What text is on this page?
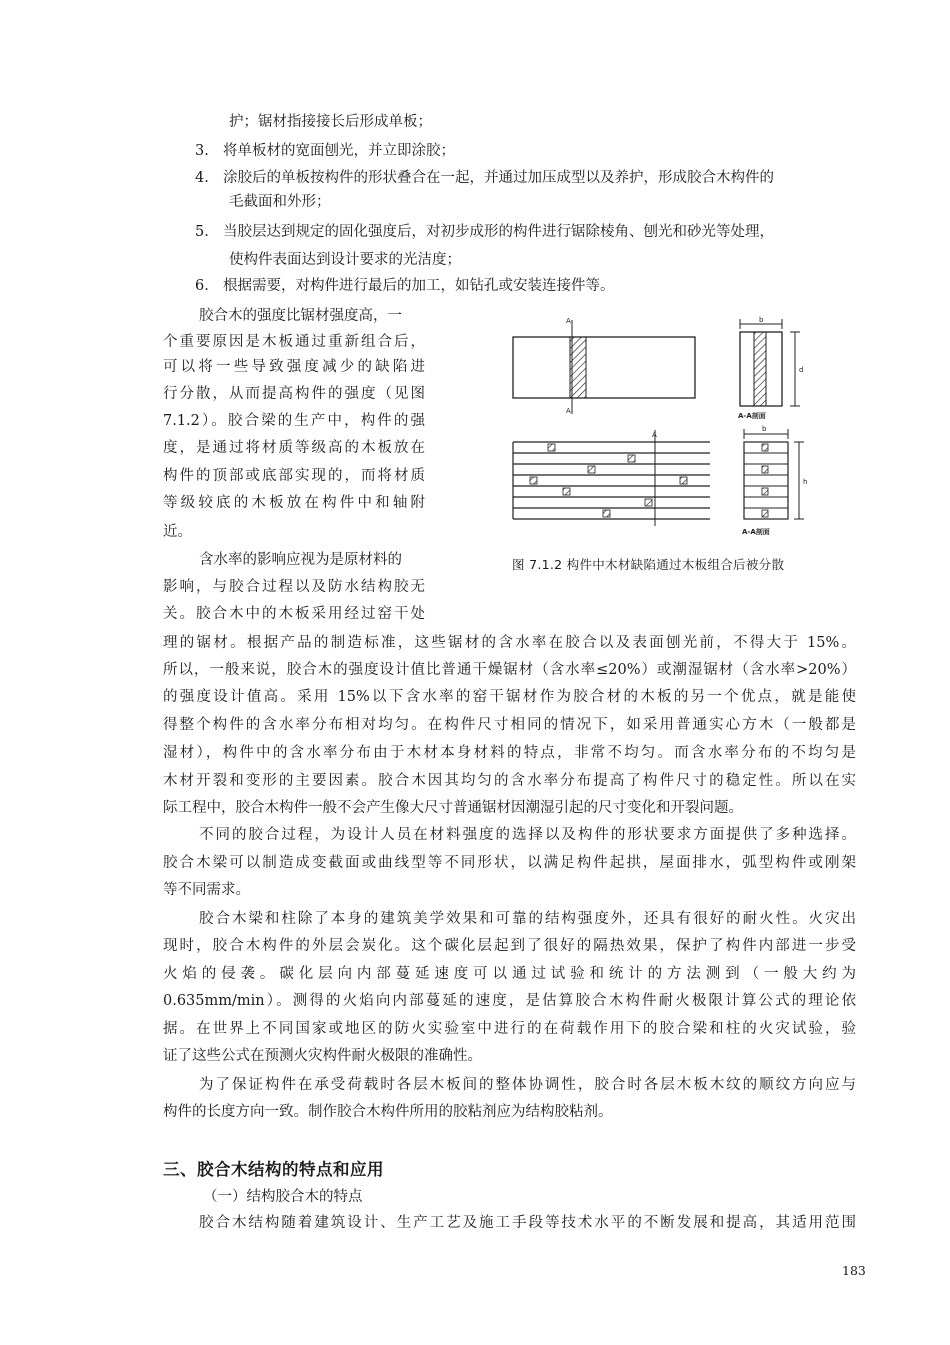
护；锯材指接接长后形成单板；
3. 将单板材的宽面刨光，并立即涂胶；
4. 涂胶后的单板按构件的形状叠合在一起，并通过加压成型以及养护，形成胶合木构件的
毛截面和外形；
5. 当胶层达到规定的固化强度后，对初步成形的构件进行锯除棱角、刨光和砂光等处理，
使构件表面达到设计要求的光洁度；
6. 根据需要，对构件进行最后的加工，如钻孔或安装连接件等。
胶合木的强度比锯材强度高，一
个重要原因是木板通过重新组合后，
可以将一些导致强度减少的缺陷进
行分散，从而提高构件的强度（见图
7.1.2）。胶合梁的生产中，构件的强
度，是通过将材质等级高的木板放在
构件的顶部或底部实现的，而将材质
等级较底的木板放在构件中和轴附
近。
A
A
b
d
A-A剖面
A
b
h
A-A剖面
图 7.1.2 构件中木材缺陷通过木板组合后被分散
含水率的影响应视为是原材料的
影响，与胶合过程以及防水结构胶无
关。胶合木中的木板采用经过窑干处
理的锯材。根据产品的制造标准，这些锯材的含水率在胶合以及表面刨光前，不得大于 15%。
所以，一般来说，胶合木的强度设计值比普通干燥锯材（含水率≤20%）或潮湿锯材（含水率>20%）
的强度设计值高。采用 15%以下含水率的窑干锯材作为胶合材的木板的另一个优点，就是能使
得整个构件的含水率分布相对均匀。在构件尺寸相同的情况下，如采用普通实心方木（一般都是
湿材），构件中的含水率分布由于木材本身材料的特点，非常不均匀。而含水率分布的不均匀是
木材开裂和变形的主要因素。胶合木因其均匀的含水率分布提高了构件尺寸的稳定性。所以在实
际工程中，胶合木构件一般不会产生像大尺寸普通锯材因潮湿引起的尺寸变化和开裂问题。
不同的胶合过程，为设计人员在材料强度的选择以及构件的形状要求方面提供了多种选择。
胶合木梁可以制造成变截面或曲线型等不同形状，以满足构件起拱，屋面排水，弧型构件或刚架
等不同需求。
胶合木梁和柱除了本身的建筑美学效果和可靠的结构强度外，还具有很好的耐火性。火灾出
现时，胶合木构件的外层会炭化。这个碳化层起到了很好的隔热效果，保护了构件内部进一步受
火焰的侵袭。碳化层向内部蔓延速度可以通过试验和统计的方法测到（一般大约为
0.635mm/min）。测得的火焰向内部蔓延的速度，是估算胶合木构件耐火极限计算公式的理论依
据。在世界上不同国家或地区的防火实验室中进行的在荷载作用下的胶合梁和柱的火灾试验，验
证了这些公式在预测火灾构件耐火极限的准确性。
为了保证构件在承受荷载时各层木板间的整体协调性，胶合时各层木板木纹的顺纹方向应与
构件的长度方向一致。制作胶合木构件所用的胶粘剂应为结构胶粘剂。
三、胶合木结构的特点和应用
（一）结构胶合木的特点
胶合木结构随着建筑设计、生产工艺及施工手段等技术水平的不断发展和提高，其适用范围
183
